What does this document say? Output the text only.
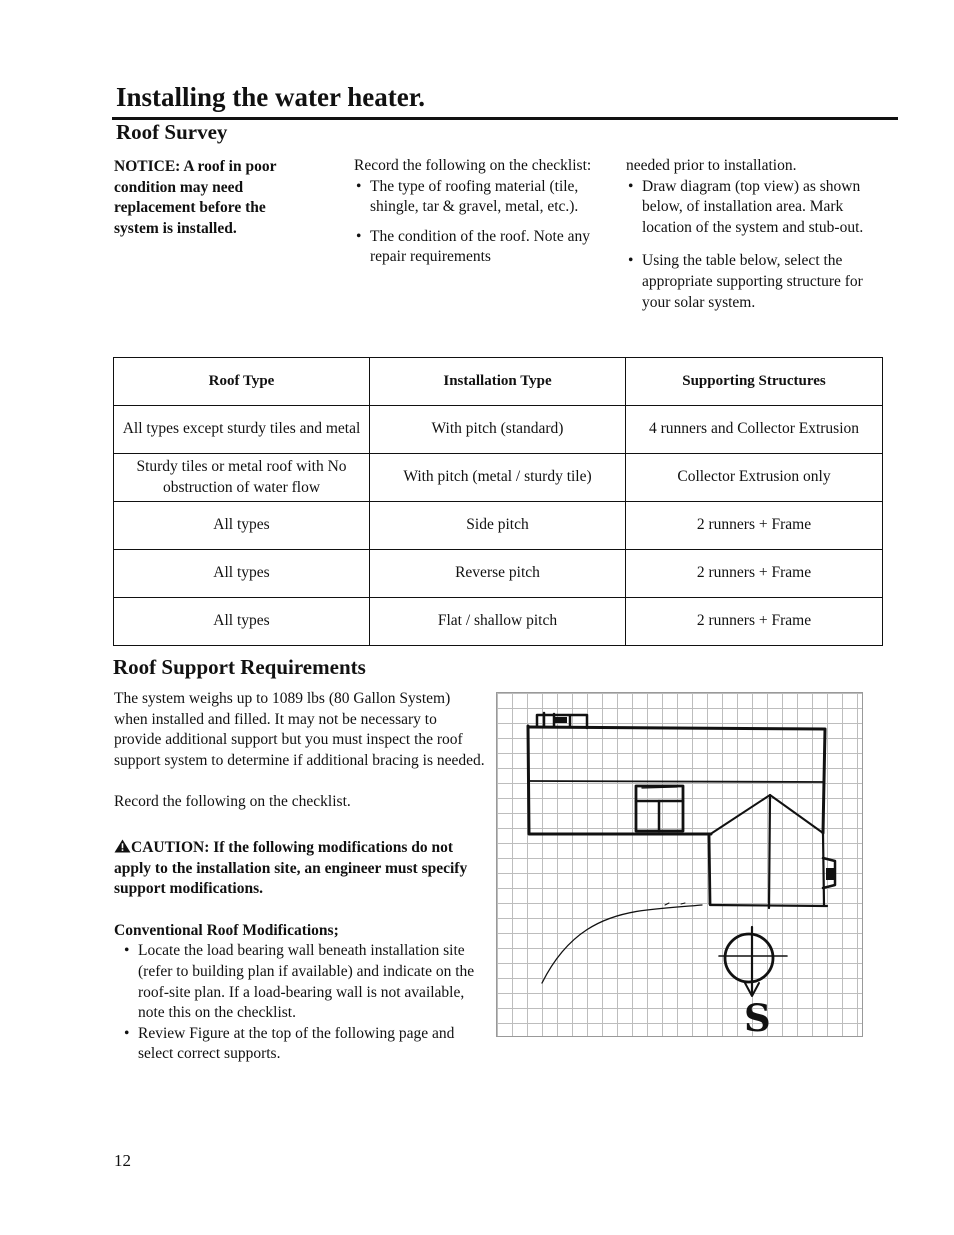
Installing the water heater.
Roof Survey
NOTICE: A roof in poor condition may need replacement before the system is installed.
Record the following on the checklist:
• The type of roofing material (tile, shingle, tar & gravel, metal, etc.).
• The condition of the roof. Note any repair requirements
needed prior to installation.
• Draw diagram (top view) as shown below, of installation area. Mark location of the system and stub-out.
• Using the table below, select the appropriate supporting structure for your solar system.
Roof Type	Installation Type	Supporting Structures
All types except sturdy tiles and metal	With pitch (standard)	4 runners and Collector Extrusion
Sturdy tiles or metal roof with No obstruction of water flow	With pitch (metal / sturdy tile)	Collector Extrusion only
All types	Side pitch	2 runners + Frame
All types	Reverse pitch	2 runners + Frame
All types	Flat / shallow pitch	2 runners + Frame
Roof Support Requirements
The system weighs up to 1089 lbs (80 Gallon System) when installed and filled. It may not be necessary to provide additional support but you must inspect the roof support system to determine if additional bracing is needed.
Record the following on the checklist.
CAUTION: If the following modifications do not apply to the installation site, an engineer must specify support modifications.
Conventional Roof Modifications;
• Locate the load bearing wall beneath installation site (refer to building plan if available) and indicate on the roof-site plan. If a load-bearing wall is not available, note this on the checklist.
• Review Figure at the top of the following page and select correct supports.
S
12
